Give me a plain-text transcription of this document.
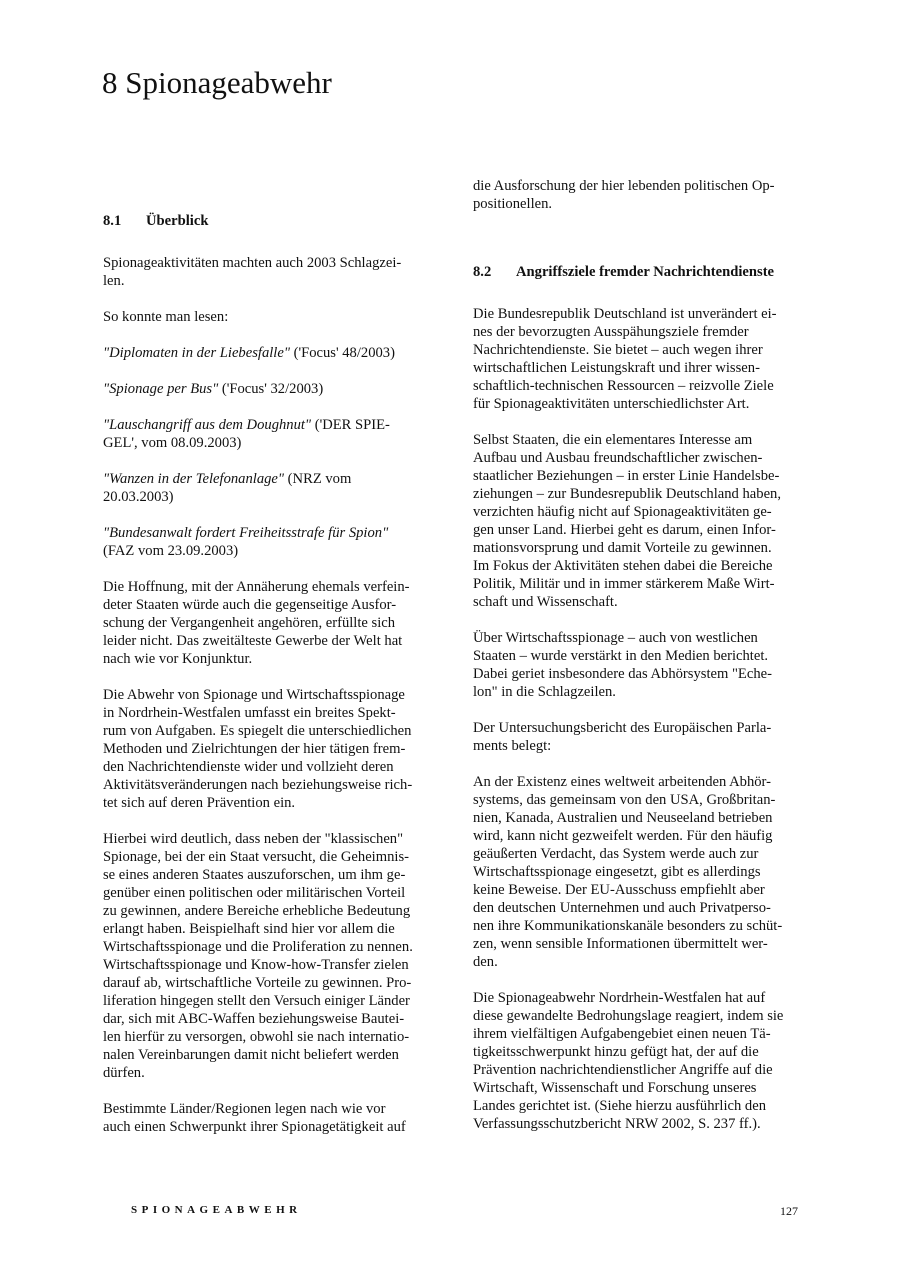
8 Spionageabwehr
8.1 Überblick

Spionageaktivitäten machten auch 2003 Schlagzei-
len.

So konnte man lesen:

"Diplomaten in der Liebesfalle" ('Focus' 48/2003)

"Spionage per Bus" ('Focus' 32/2003)

"Lauschangriff aus dem Doughnut" ('DER SPIE-
GEL', vom 08.09.2003)

"Wanzen in der Telefonanlage" (NRZ vom
20.03.2003)

"Bundesanwalt fordert Freiheitsstrafe für Spion"
(FAZ vom 23.09.2003)

Die Hoffnung, mit der Annäherung ehemals verfein-
deter Staaten würde auch die gegenseitige Ausfor-
schung der Vergangenheit angehören, erfüllte sich
leider nicht. Das zweitälteste Gewerbe der Welt hat
nach wie vor Konjunktur.

Die Abwehr von Spionage und Wirtschaftsspionage
in Nordrhein-Westfalen umfasst ein breites Spekt-
rum von Aufgaben. Es spiegelt die unterschiedlichen
Methoden und Zielrichtungen der hier tätigen frem-
den Nachrichtendienste wider und vollzieht deren
Aktivitätsveränderungen nach beziehungsweise rich-
tet sich auf deren Prävention ein.

Hierbei wird deutlich, dass neben der "klassischen"
Spionage, bei der ein Staat versucht, die Geheimnis-
se eines anderen Staates auszuforschen, um ihm ge-
genüber einen politischen oder militärischen Vorteil
zu gewinnen, andere Bereiche erhebliche Bedeutung
erlangt haben. Beispielhaft sind hier vor allem die
Wirtschaftsspionage und die Proliferation zu nennen.
Wirtschaftsspionage und Know-how-Transfer zielen
darauf ab, wirtschaftliche Vorteile zu gewinnen. Pro-
liferation hingegen stellt den Versuch einiger Länder
dar, sich mit ABC-Waffen beziehungsweise Bautei-
len hierfür zu versorgen, obwohl sie nach internatio-
nalen Vereinbarungen damit nicht beliefert werden
dürfen.

Bestimmte Länder/Regionen legen nach wie vor
auch einen Schwerpunkt ihrer Spionagetätigkeit auf

die Ausforschung der hier lebenden politischen Op-
positionellen.

8.2 Angriffsziele fremder Nachrichtendienste

Die Bundesrepublik Deutschland ist unverändert ei-
nes der bevorzugten Ausspähungsziele fremder
Nachrichtendienste. Sie bietet – auch wegen ihrer
wirtschaftlichen Leistungskraft und ihrer wissen-
schaftlich-technischen Ressourcen – reizvolle Ziele
für Spionageaktivitäten unterschiedlichster Art.

Selbst Staaten, die ein elementares Interesse am
Aufbau und Ausbau freundschaftlicher zwischen-
staatlicher Beziehungen – in erster Linie Handelsbe-
ziehungen – zur Bundesrepublik Deutschland haben,
verzichten häufig nicht auf Spionageaktivitäten ge-
gen unser Land. Hierbei geht es darum, einen Infor-
mationsvorsprung und damit Vorteile zu gewinnen.
Im Fokus der Aktivitäten stehen dabei die Bereiche
Politik, Militär und in immer stärkerem Maße Wirt-
schaft und Wissenschaft.

Über Wirtschaftsspionage – auch von westlichen
Staaten – wurde verstärkt in den Medien berichtet.
Dabei geriet insbesondere das Abhörsystem "Eche-
lon" in die Schlagzeilen.

Der Untersuchungsbericht des Europäischen Parla-
ments belegt:

An der Existenz eines weltweit arbeitenden Abhör-
systems, das gemeinsam von den USA, Großbritan-
nien, Kanada, Australien und Neuseeland betrieben
wird, kann nicht gezweifelt werden. Für den häufig
geäußerten Verdacht, das System werde auch zur
Wirtschaftsspionage eingesetzt, gibt es allerdings
keine Beweise. Der EU-Ausschuss empfiehlt aber
den deutschen Unternehmen und auch Privatperso-
nen ihre Kommunikationskanäle besonders zu schüt-
zen, wenn sensible Informationen übermittelt wer-
den.

Die Spionageabwehr Nordrhein-Westfalen hat auf
diese gewandelte Bedrohungslage reagiert, indem sie
ihrem vielfältigen Aufgabengebiet einen neuen Tä-
tigkeitsschwerpunkt hinzu gefügt hat, der auf die
Prävention nachrichtendienstlicher Angriffe auf die
Wirtschaft, Wissenschaft und Forschung unseres
Landes gerichtet ist. (Siehe hierzu ausführlich den
Verfassungsschutzbericht NRW 2002, S. 237 ff.).

SPIONAGEABWEHR	127
